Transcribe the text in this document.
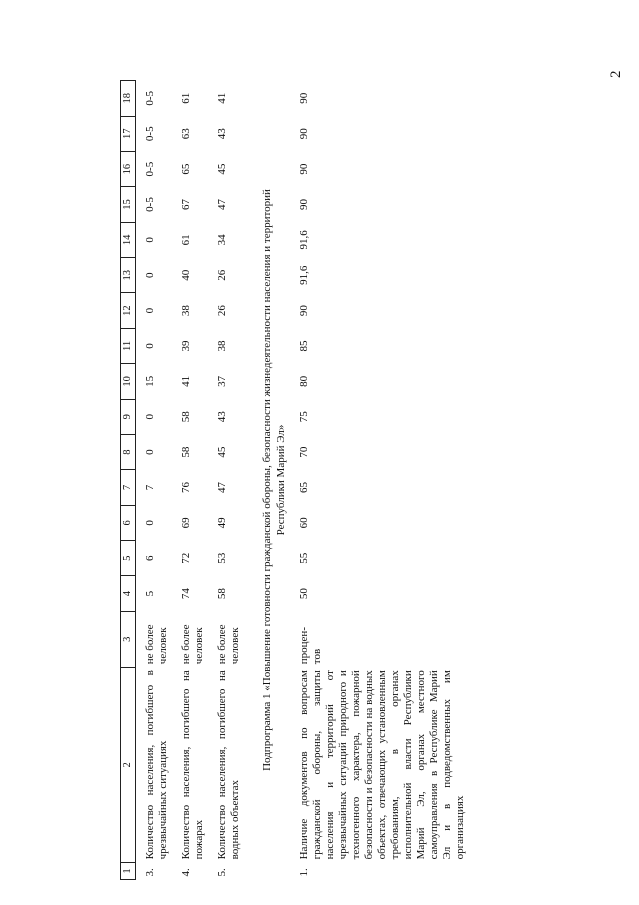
2
1	2	3	4	5	6	7	8	9	10	11	12	13	14	15	16	17	18

3.	Количество населения, погибшего в чрезвычайных ситуациях	не более человек	5	6	0	7	0	0	15	0	0	0	0	0-5	0-5	0-5	0-5

4.	Количество населения, погибшего на пожарах	не более человек	74	72	69	76	58	58	41	39	38	40	61	67	65	63	61

5.	Количество населения, погибшего на водных объектах	не более человек	58	53	49	47	45	43	37	38	26	26	34	47	45	43	41

Подпрограмма 1 «Повышение готовности гражданской обороны, безопасности жизнедеятельности населения и территорий Республики Марий Эл»																	

1.	Наличие документов по вопросам гражданской обороны, защиты населения и территорий от чрезвычайных ситуаций природного и техногенного характера, пожарной безопасности и безопасности на водных объектах, отвечающих установленным требованиям, в органах исполнительной власти Республики Марий Эл, органах местного самоуправления в Республике Марий Эл и в подведомственных им организациях	процен-тов	50	55	60	65	70	75	80	85	90	91,6	91,6	90	90	90	90
